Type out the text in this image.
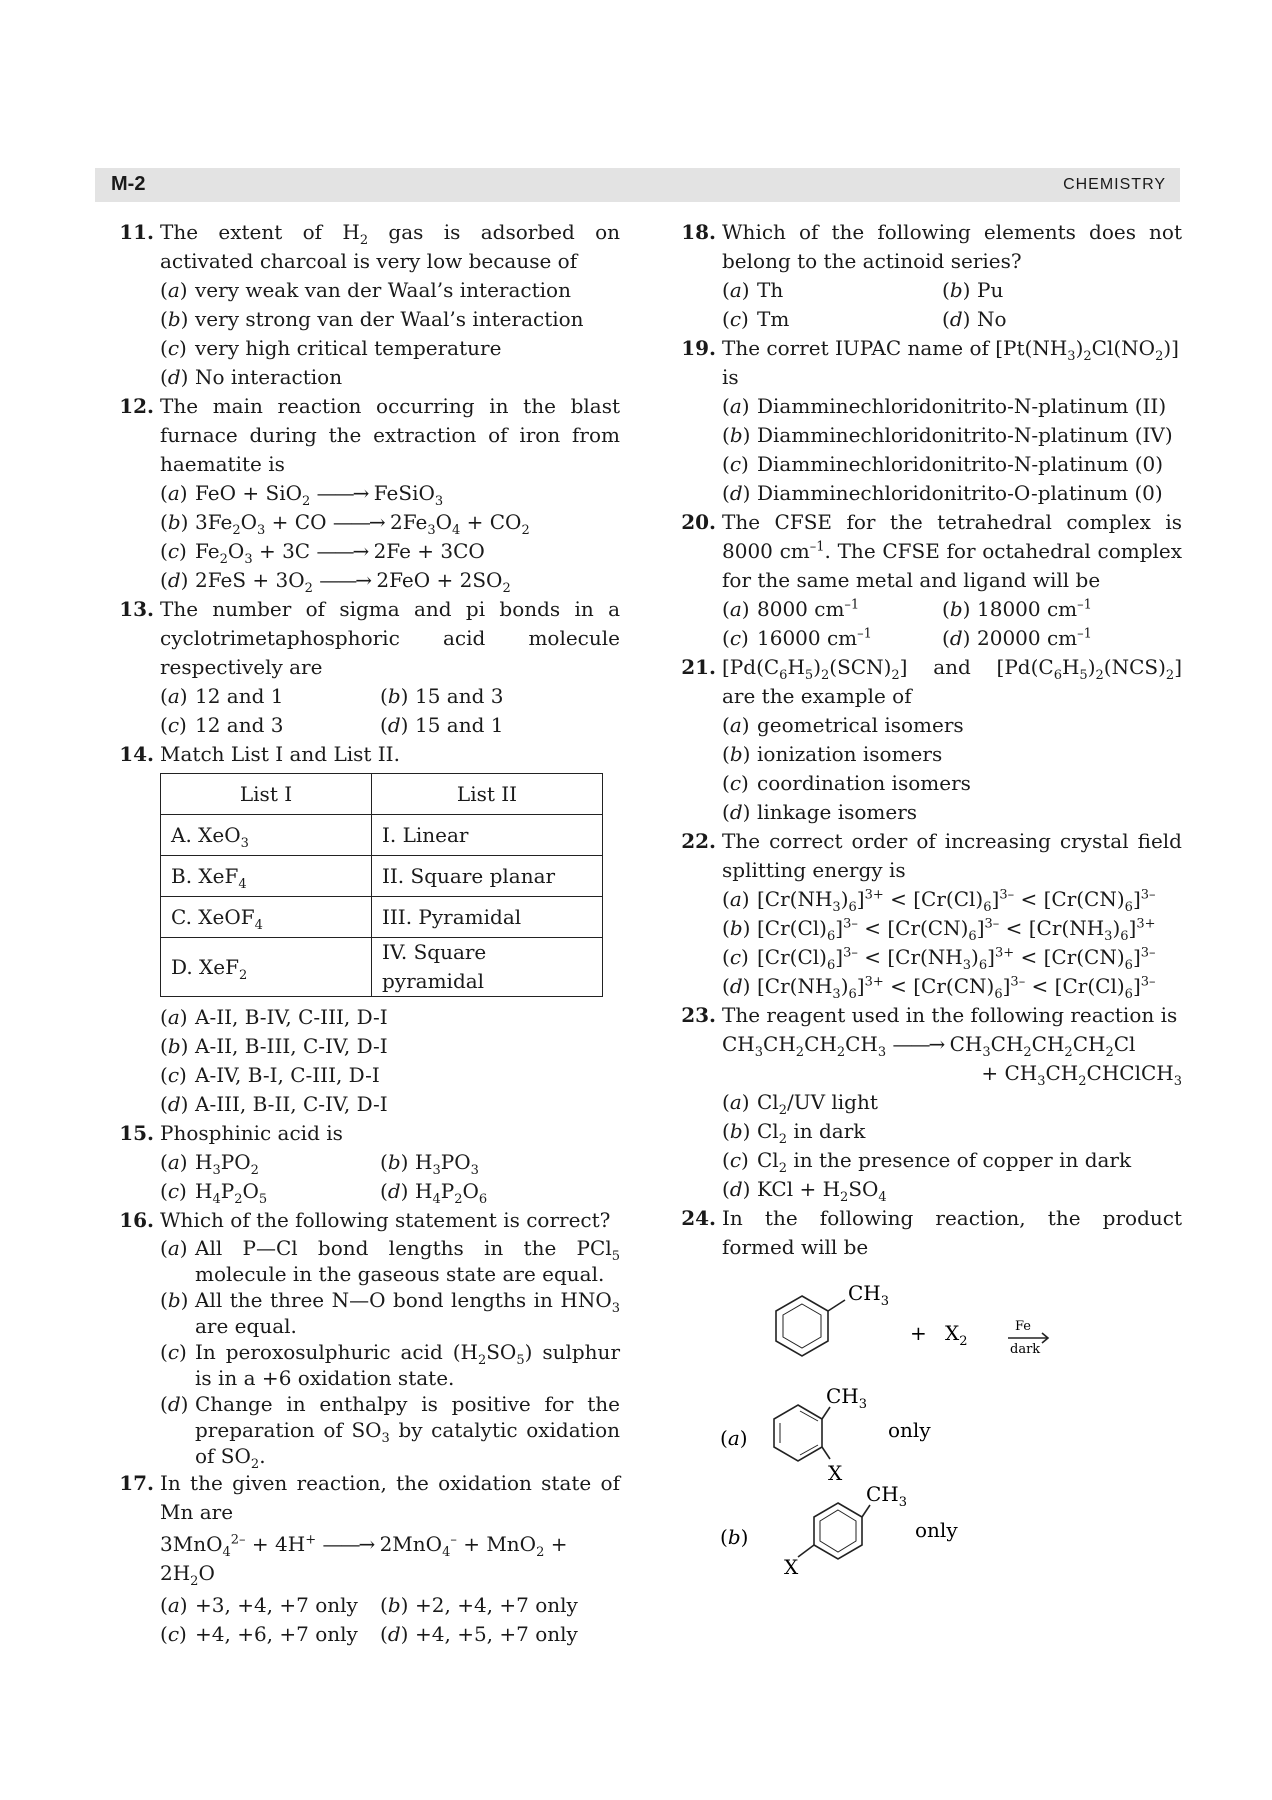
M-2	CHEMISTRY
11. The extent of $H_2$ gas is adsorbed on activated charcoal is very low because of
(a) very weak van der Waal’s interaction
(b) very strong van der Waal’s interaction
(c) very high critical temperature
(d) No interaction
12. The main reaction occurring in the blast furnace during the extraction of iron from haematite is
(a) FeO + SiO$_2$ ——→ FeSiO$_3$
(b) $3Fe_2O_3$ + CO ——→ $2Fe_3O_4 + CO_2$
(c) $Fe_2O_3 + 3C$ ——→ 2Fe + 3CO
(d) $2FeS + 3O_2$ ——→ $2FeO + 2SO_2$
13. The number of sigma and pi bonds in a cyclotrimetaphosphoric acid molecule respectively are
(a) 12 and 1	(b) 15 and 3
(c) 12 and 3	(d) 15 and 1
14. Match List I and List II.
List I	List II
A. XeO$_3$	I. Linear
B. XeF$_4$	II. Square planar
C. XeOF$_4$	III. Pyramidal
D. XeF$_2$	IV. Square pyramidal
(a) A-II, B-IV, C-III, D-I
(b) A-II, B-III, C-IV, D-I
(c) A-IV, B-I, C-III, D-I
(d) A-III, B-II, C-IV, D-I
15. Phosphinic acid is
(a) $H_3PO_2$	(b) $H_3PO_3$
(c) $H_4P_2O_5$	(d) $H_4P_2O_6$
16. Which of the following statement is correct?
(a) All P—Cl bond lengths in the PCl$_5$ molecule in the gaseous state are equal.
(b) All the three N—O bond lengths in $HNO_3$ are equal.
(c) In peroxosulphuric acid $(H_2SO_5)$ sulphur is in a +6 oxidation state.
(d) Change in enthalpy is positive for the preparation of $SO_3$ by catalytic oxidation of $SO_2$.
17. In the given reaction, the oxidation state of Mn are
3MnO$_4^{2-}$ + 4H+ ——→ $2MnO_4^- + MnO_2 + 2H_2O$
(a) +3, +4, +7 only	(b) +2, +4, +7 only
(c) +4, +6, +7 only	(d) +4, +5, +7 only
18. Which of the following elements does not belong to the actinoid series?
(a) Th	(b) Pu
(c) Tm	(d) No
19. The corret IUPAC name of $[Pt(NH_3)_2Cl(NO_2)]$ is
(a) Diamminechloridonitrito-N-platinum (II)
(b) Diamminechloridonitrito-N-platinum (IV)
(c) Diamminechloridonitrito-N-platinum (0)
(d) Diamminechloridonitrito-O-platinum (0)
20. The CFSE for the tetrahedral complex is 8000 $cm^{-1}$. The CFSE for octahedral complex for the same metal and ligand will be
(a) 8000 $cm^{-1}$	(b) 18000 $cm^{-1}$
(c) 16000 $cm^{-1}$	(d) 20000 $cm^{-1}$
21. $[Pd(C_6H_5)_2(SCN)_2]$ and $[Pd(C_6H_5)_2(NCS)_2]$ are the example of
(a) geometrical isomers
(b) ionization isomers
(c) coordination isomers
(d) linkage isomers
22. The correct order of increasing crystal field splitting energy is
(a) $[Cr(NH_3)_6]^{3+} < [Cr(Cl)_6]^{3-} < [Cr(CN)_6]^{3-}$
(b) $[Cr(Cl)_6]^{3-} < [Cr(CN)_6]^{3-} < [Cr(NH_3)_6]^{3+}$
(c) $[Cr(Cl)_6]^{3-} < [Cr(NH_3)_6]^{3+} < [Cr(CN)_6]^{3-}$
(d) $[Cr(NH_3)_6]^{3+} < [Cr(CN)_6]^{3-} < [Cr(Cl)_6]^{3-}$
23. The reagent used in the following reaction is
$CH_3CH_2CH_2CH_3$ ——→ $CH_3CH_2CH_2CH_2Cl$
+ $CH_3CH_2CHClCH_3$
(a) $Cl_2/UV$ light
(b) $Cl_2$ in dark
(c) $Cl_2$ in the presence of copper in dark
(d) KCl + $H_2SO_4$
24. In the following reaction, the product formed will be
$CH_3$
+ $X_2$
Fe
dark
(a)
$CH_3$
X
only
(b)
$CH_3$
X
only
